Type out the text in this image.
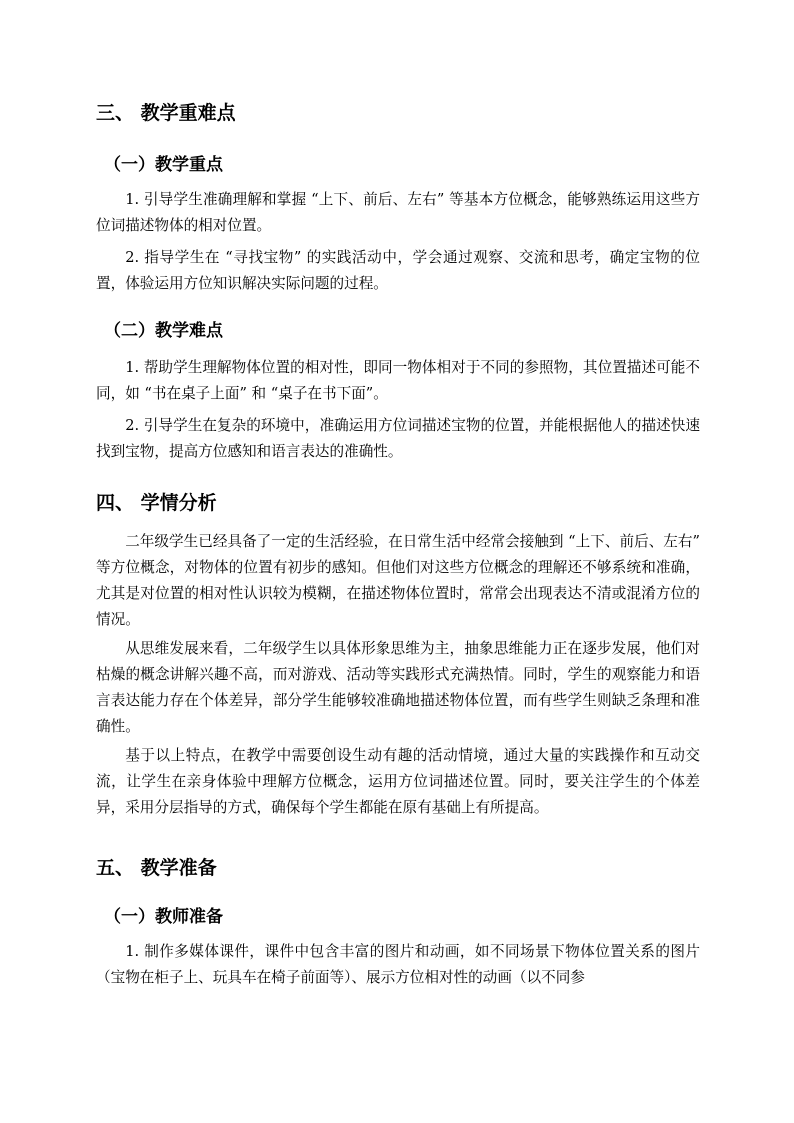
三、 教学重难点
（一）教学重点

1. 引导学生准确理解和掌握 “上下、前后、左右” 等基本方位概念，能够熟练运用这些方位词描述物体的相对位置。

2. 指导学生在 “寻找宝物” 的实践活动中，学会通过观察、交流和思考，确定宝物的位置，体验运用方位知识解决实际问题的过程。

（二）教学难点

1. 帮助学生理解物体位置的相对性，即同一物体相对于不同的参照物，其位置描述可能不同，如 “书在桌子上面” 和 “桌子在书下面”。

2. 引导学生在复杂的环境中，准确运用方位词描述宝物的位置，并能根据他人的描述快速找到宝物，提高方位感知和语言表达的准确性。

四、 学情分析

二年级学生已经具备了一定的生活经验，在日常生活中经常会接触到 “上下、前后、左右” 等方位概念，对物体的位置有初步的感知。但他们对这些方位概念的理解还不够系统和准确，尤其是对位置的相对性认识较为模糊，在描述物体位置时，常常会出现表达不清或混淆方位的情况。

从思维发展来看，二年级学生以具体形象思维为主，抽象思维能力正在逐步发展，他们对枯燥的概念讲解兴趣不高，而对游戏、活动等实践形式充满热情。同时，学生的观察能力和语言表达能力存在个体差异，部分学生能够较准确地描述物体位置，而有些学生则缺乏条理和准确性。

基于以上特点，在教学中需要创设生动有趣的活动情境，通过大量的实践操作和互动交流，让学生在亲身体验中理解方位概念，运用方位词描述位置。同时，要关注学生的个体差异，采用分层指导的方式，确保每个学生都能在原有基础上有所提高。

五、 教学准备
（一）教师准备

1. 制作多媒体课件，课件中包含丰富的图片和动画，如不同场景下物体位置关系的图片（宝物在柜子上、玩具车在椅子前面等）、展示方位相对性的动画（以不同参
